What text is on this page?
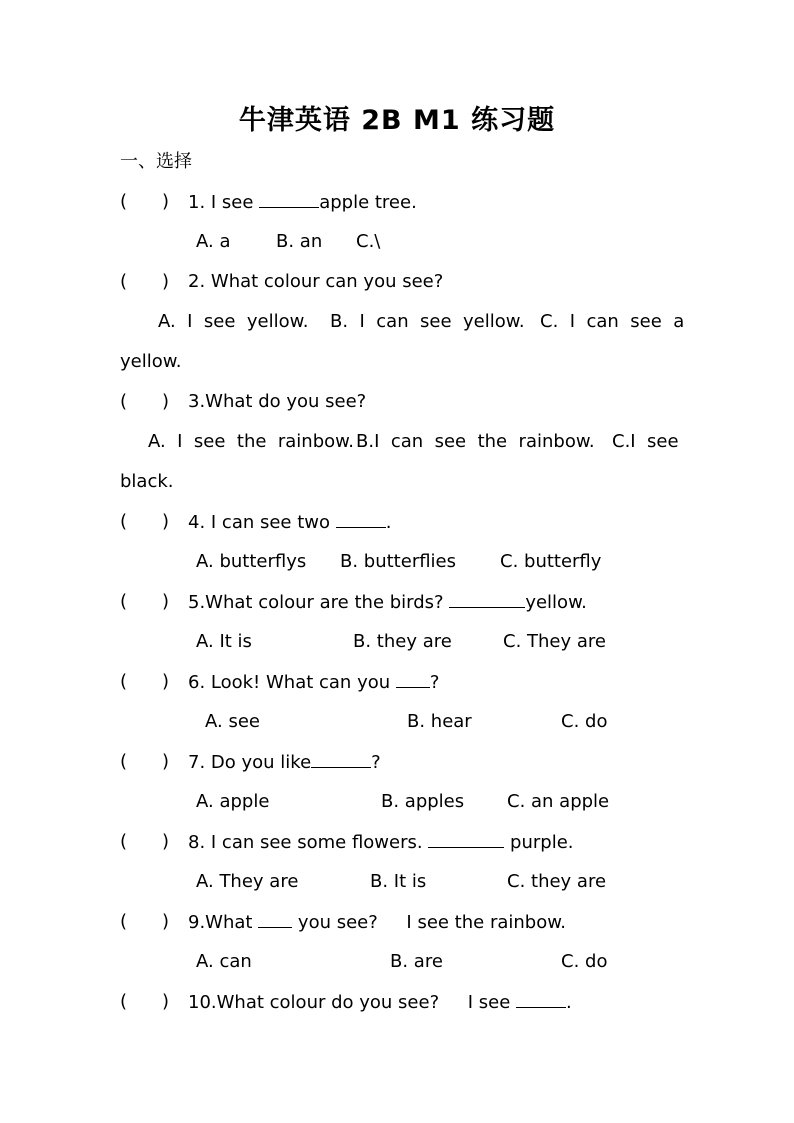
牛津英语 2B M1 练习题
一、选择
( ) 1. I see	apple tree.
A. a	B. an C.\
( ) 2. What colour can you see?
A.  I  see  yellow. B.  I  can  see  yellow. C.  I  can  see  a
yellow.
( ) 3.What do you see?
A.  I  see  the  rainbow. B.I  can  see  the  rainbow. C.I  see
black.
( ) 4. I can see two	.
A. butterflys B. butterflies C. butterfly
( ) 5.What colour are the birds?	yellow.
A. It is	B. they are	C. They are
( ) 6. Look! What can you ?
A. see	B. hear	C. do
( ) 7. Do you like	?
A. apple	B. apples C. an apple
( ) 8. I can see some flowers.	purple.
A. They are	B. It is	C. they are
( ) 9.What  you see?     I see the rainbow.
A. can	B. are	C. do
( ) 10.What colour do you see?     I see	.
